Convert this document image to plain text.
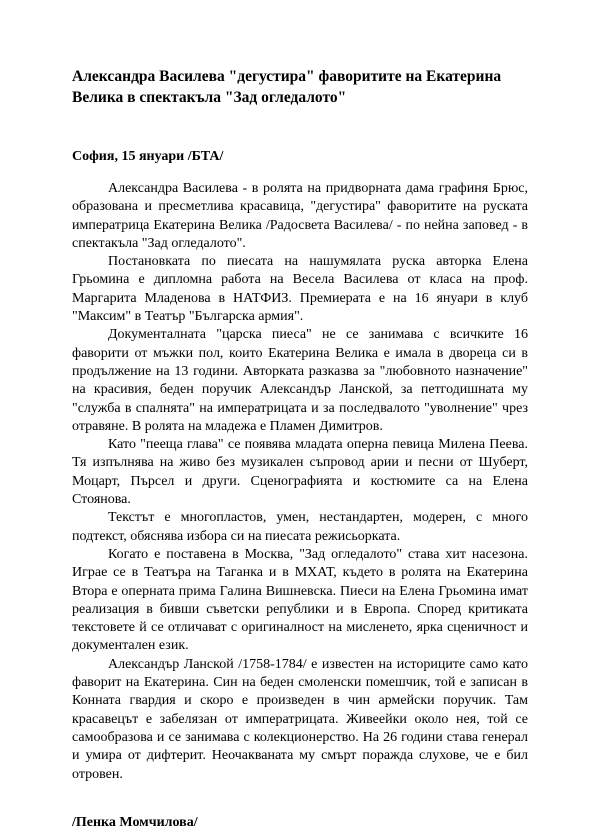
Александра Василева "дегустира" фаворитите на Екатерина Велика в спектакъла "Зад огледалото"
София, 15 януари /БТА/

Александра Василева - в ролята на придворната дама графиня Брюс, образована и пресметлива красавица, "дегустира" фаворитите на руската императрица Екатерина Велика /Радосвета Василева/ - по нейна заповед - в спектакъла "Зад огледалото".

Постановката по пиесата на нашумялата руска авторка Елена Грьомина е дипломна работа на Весела Василева от класа на проф. Маргарита Младенова в НАТФИЗ. Премиерата е на 16 януари в клуб "Максим" в Театър "Българска армия".

Документалната "царска пиеса" не се занимава с всичките 16 фаворити от мъжки пол, които Екатерина Велика е имала в двореца си в продължение на 13 години. Авторката разказва за "любовното назначение" на красивия, беден поручик Александър Ланской, за петгодишната му "служба в спалнята" на императрицата и за последвалото "уволнение" чрез отравяне. В ролята на младежа е Пламен Димитров.

Като "пееща глава" се появява младата оперна певица Милена Пеева. Тя изпълнява на живо без музикален съпровод арии и песни от Шуберт, Моцарт, Пърсел и други. Сценографията и костюмите са на Елена Стоянова.

Текстът е многопластов, умен, нестандартен, модерен, с много подтекст, обяснява избора си на пиесата режисьорката.

Когато е поставена в Москва, "Зад огледалото" става хит насезона. Играе се в Театъра на Таганка и в МХАТ, където в ролята на Екатерина Втора е оперната прима Галина Вишневска. Пиеси на Елена Грьомина имат реализация в бивши съветски републики и в Европа. Според критиката текстовете й се отличават с оригиналност на мисленето, ярка сценичност и документален език.

Александър Ланской /1758-1784/ е известен на историците само като фаворит на Екатерина. Син на беден смоленски помешчик, той е записан в Конната гвардия и скоро е произведен в чин армейски поручик. Там красавецът е забелязан от императрицата. Живеейки около нея, той се самообразова и се занимава с колекционерство. На 26 години става генерал и умира от дифтерит. Неочакваната му смърт поражда слухове, че е бил отровен.

/Пенка Момчилова/
